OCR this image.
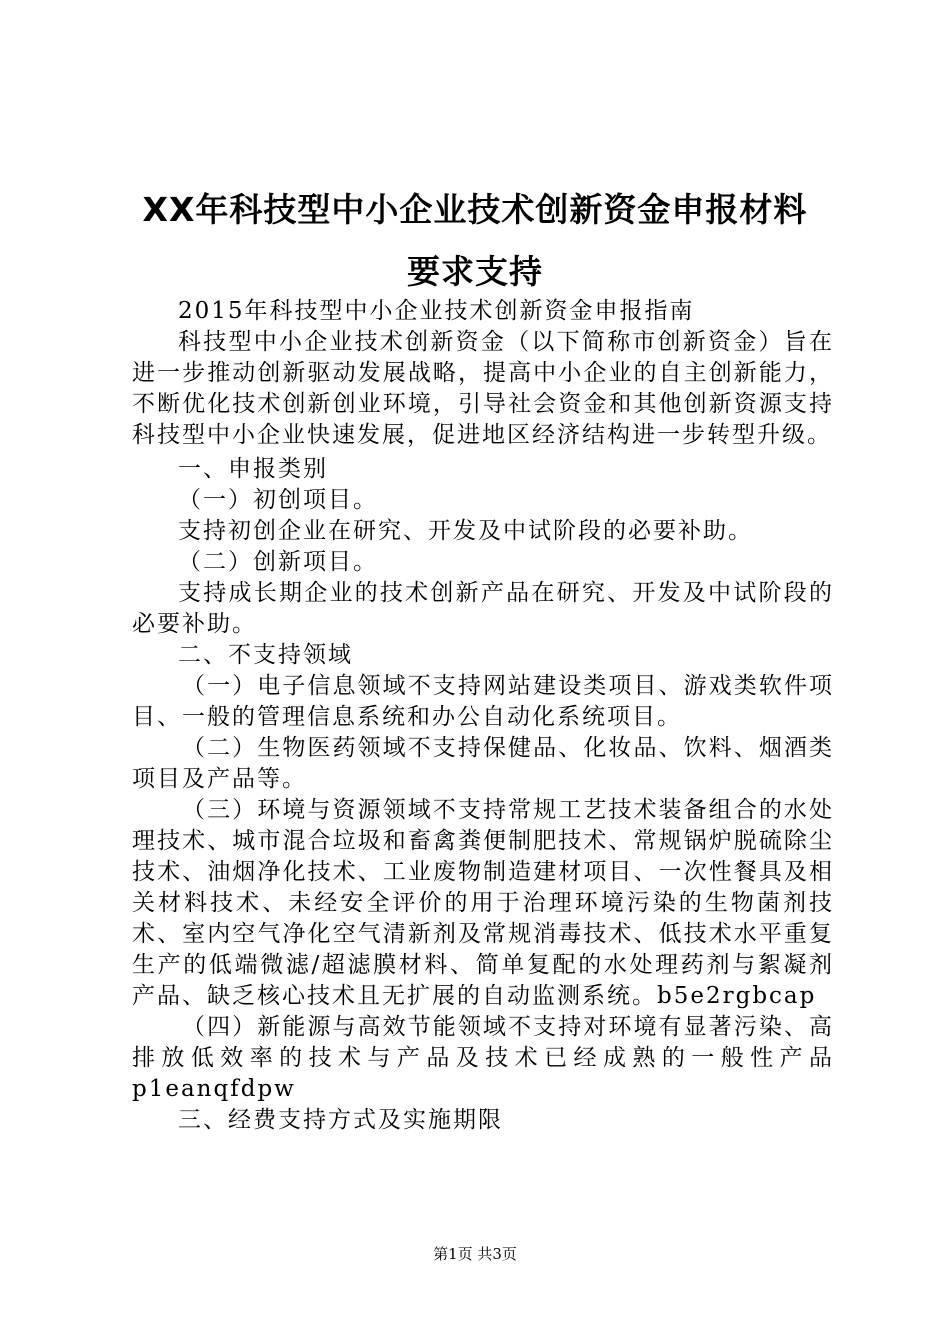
XX年科技型中小企业技术创新资金申报材料
要求支持

2015年科技型中小企业技术创新资金申报指南

科技型中小企业技术创新资金（以下简称市创新资金）旨在进一步推动创新驱动发展战略，提高中小企业的自主创新能力，不断优化技术创新创业环境，引导社会资金和其他创新资源支持科技型中小企业快速发展，促进地区经济结构进一步转型升级。

一、申报类别

（一）初创项目。

支持初创企业在研究、开发及中试阶段的必要补助。

（二）创新项目。

支持成长期企业的技术创新产品在研究、开发及中试阶段的必要补助。

二、不支持领域

（一）电子信息领域不支持网站建设类项目、游戏类软件项目、一般的管理信息系统和办公自动化系统项目。

（二）生物医药领域不支持保健品、化妆品、饮料、烟酒类项目及产品等。

（三）环境与资源领域不支持常规工艺技术装备组合的水处理技术、城市混合垃圾和畜禽粪便制肥技术、常规锅炉脱硫除尘技术、油烟净化技术、工业废物制造建材项目、一次性餐具及相关材料技术、未经安全评价的用于治理环境污染的生物菌剂技术、室内空气净化空气清新剂及常规消毒技术、低技术水平重复生产的低端微滤/超滤膜材料、简单复配的水处理药剂与絮凝剂产品、缺乏核心技术且无扩展的自动监测系统。b5e2rgbcap

（四）新能源与高效节能领域不支持对环境有显著污染、高排放低效率的技术与产品及技术已经成熟的一般性产品p1eanqfdpw

三、经费支持方式及实施期限

第1页 共3页
